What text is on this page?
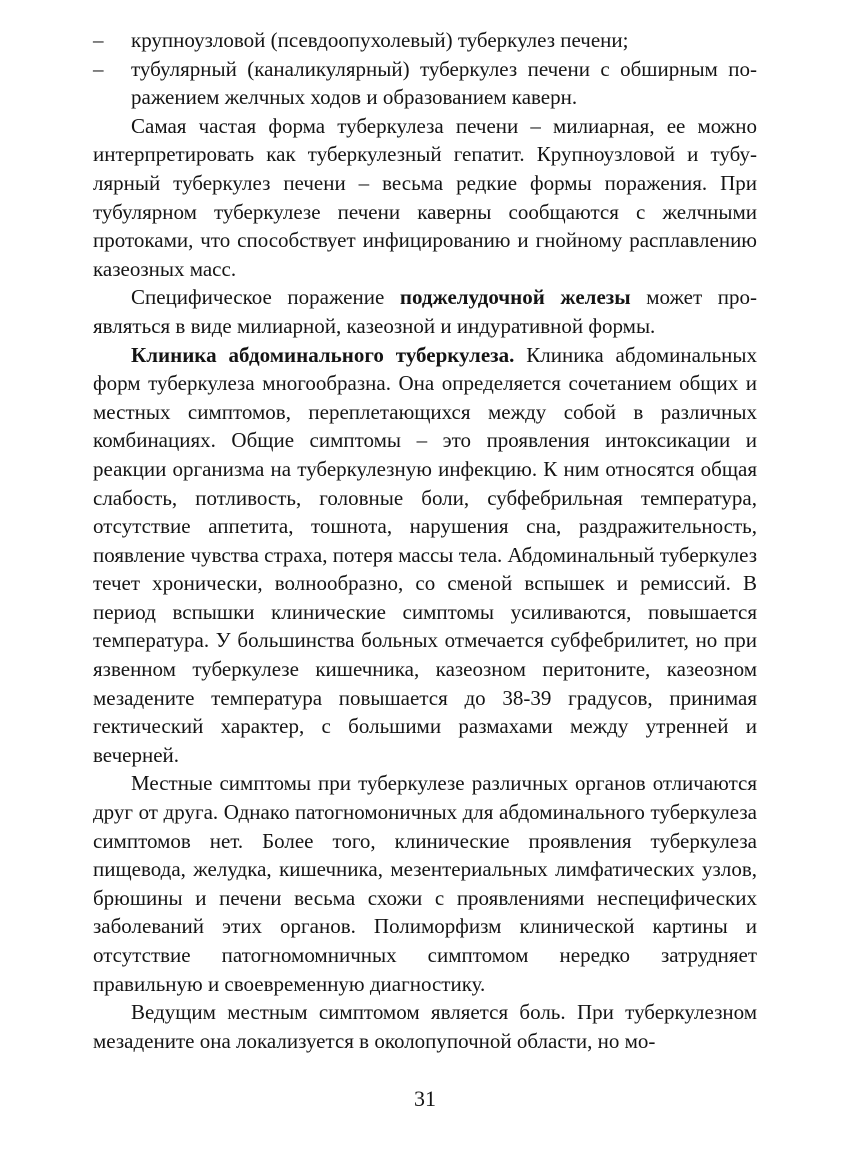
– крупноузловой (псевдоопухолевый) туберкулез печени;
– тубулярный (каналикулярный) туберкулез печени с обширным поражением желчных ходов и образованием каверн.

Самая частая форма туберкулеза печени – милиарная, ее можно интерпретировать как туберкулезный гепатит. Крупноузловой и тубулярный туберкулез печени – весьма редкие формы поражения. При тубулярном туберкулезе печени каверны сообщаются с желчными протоками, что способствует инфицированию и гнойному расплавлению казеозных масс.

Специфическое поражение поджелудочной железы может проявляться в виде милиарной, казеозной и индуративной формы.

Клиника абдоминального туберкулеза. Клиника абдоминальных форм туберкулеза многообразна. Она определяется сочетанием общих и местных симптомов, переплетающихся между собой в различных комбинациях. Общие симптомы – это проявления интоксикации и реакции организма на туберкулезную инфекцию. К ним относятся общая слабость, потливость, головные боли, субфебрильная температура, отсутствие аппетита, тошнота, нарушения сна, раздражительность, появление чувства страха, потеря массы тела. Абдоминальный туберкулез течет хронически, волнообразно, со сменой вспышек и ремиссий. В период вспышки клинические симптомы усиливаются, повышается температура. У большинства больных отмечается субфебрилитет, но при язвенном туберкулезе кишечника, казеозном перитоните, казеозном мезадените температура повышается до 38-39 градусов, принимая гектический характер, с большими размахами между утренней и вечерней.

Местные симптомы при туберкулезе различных органов отличаются друг от друга. Однако патогномоничных для абдоминального туберкулеза симптомов нет. Более того, клинические проявления туберкулеза пищевода, желудка, кишечника, мезентериальных лимфатических узлов, брюшины и печени весьма схожи с проявлениями неспецифических заболеваний этих органов. Полиморфизм клинической картины и отсутствие патогномомничных симптомом нередко затрудняет правильную и своевременную диагностику.

Ведущим местным симптомом является боль. При туберкулезном мезадените она локализуется в околопупочной области, но мо-

31
